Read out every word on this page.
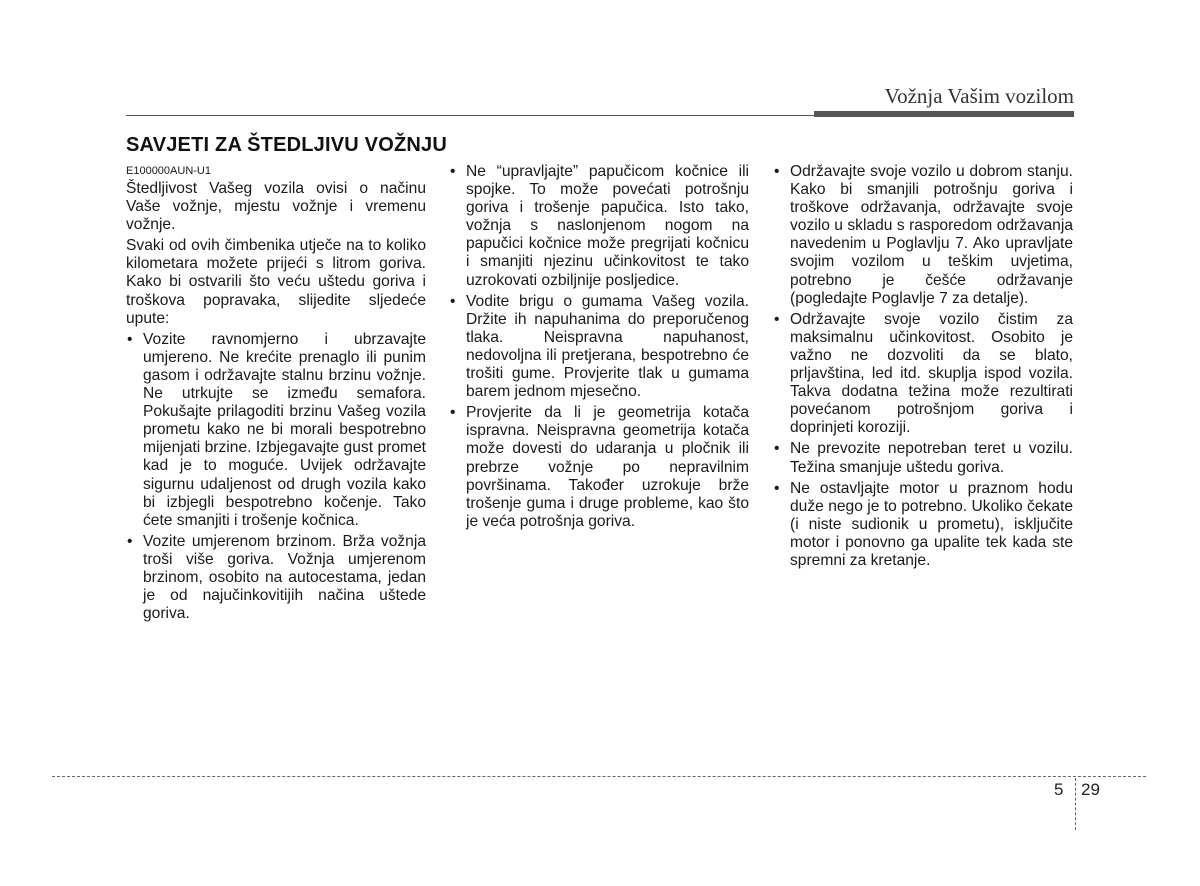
Vožnja Vašim vozilom
SAVJETI ZA ŠTEDLJIVU VOŽNJU
E100000AUN-U1

Štedljivost Vašeg vozila ovisi o načinu Vaše vožnje, mjestu vožnje i vremenu vožnje.

Svaki od ovih čimbenika utječe na to koliko kilometara možete prijeći s litrom goriva. Kako bi ostvarili što veću uštedu goriva i troškova popravaka, slijedite sljedeće upute:

• Vozite ravnomjerno i ubrzavajte umjereno. Ne krećite prenaglo ili punim gasom i održavajte stalnu brzinu vožnje. Ne utrkujte se između semafora. Pokušajte prilagoditi brzinu Vašeg vozila prometu kako ne bi morali bespotrebno mijenjati brzine. Izbjegavajte gust promet kad je to moguće. Uvijek održavajte sigurnu udaljenost od drugh vozila kako bi izbjegli bespotrebno kočenje. Tako ćete smanjiti i trošenje kočnica.
• Vozite umjerenom brzinom. Brža vožnja troši više goriva. Vožnja umjerenom brzinom, osobito na autocestama, jedan je od najučinkovitijih načina uštede goriva.
• Ne “upravljajte” papučicom kočnice ili spojke. To može povećati potrošnju goriva i trošenje papučica. Isto tako, vožnja s naslonjenom nogom na papučici kočnice može pregrijati kočnicu i smanjiti njezinu učinkovitost te tako uzrokovati ozbiljnije posljedice.
• Vodite brigu o gumama Vašeg vozila. Držite ih napuhanima do preporučenog tlaka. Neispravna napuhanost, nedovoljna ili pretjerana, bespotrebno će trošiti gume. Provjerite tlak u gumama barem jednom mjesečno.
• Provjerite da li je geometrija kotača ispravna. Neispravna geometrija kotača može dovesti do udaranja u pločnik ili prebrze vožnje po nepravilnim površinama. Također uzrokuje brže trošenje guma i druge probleme, kao što je veća potrošnja goriva.
• Održavajte svoje vozilo u dobrom stanju. Kako bi smanjili potrošnju goriva i troškove održavanja, održavajte svoje vozilo u skladu s rasporedom održavanja navedenim u Poglavlju 7. Ako upravljate svojim vozilom u teškim uvjetima, potrebno je češće održavanje (pogledajte Poglavlje 7 za detalje).
• Održavajte svoje vozilo čistim za maksimalnu učinkovitost. Osobito je važno ne dozvoliti da se blato, prljavština, led itd. skuplja ispod vozila. Takva dodatna težina može rezultirati povećanom potrošnjom goriva i doprinjeti koroziji.
• Ne prevozite nepotreban teret u vozilu. Težina smanjuje uštedu goriva.
• Ne ostavljajte motor u praznom hodu duže nego je to potrebno. Ukoliko čekate (i niste sudionik u prometu), isključite motor i ponovno ga upalite tek kada ste spremni za kretanje.
5 29
